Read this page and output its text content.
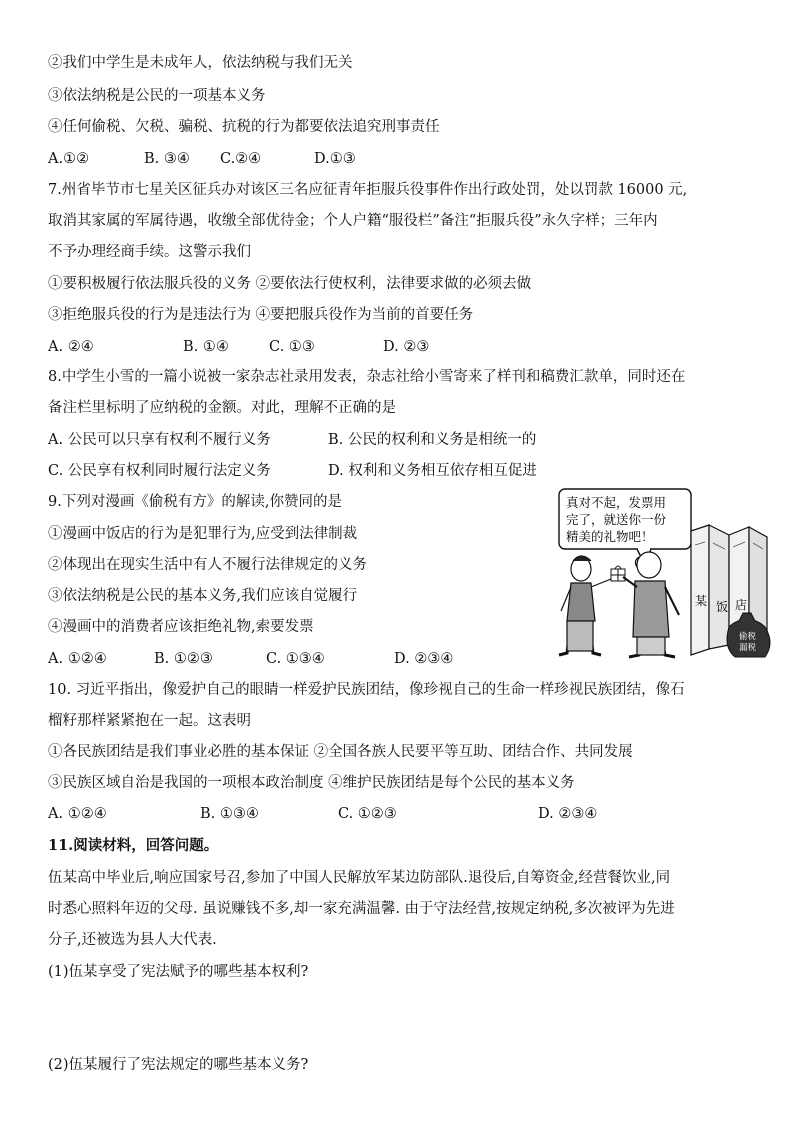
②我们中学生是未成年人，依法纳税与我们无关
③依法纳税是公民的一项基本义务
④任何偷税、欠税、骗税、抗税的行为都要依法追究刑事责任
A.①②	B. ③④ C.②④	D.①③
7.州省毕节市七星关区征兵办对该区三名应征青年拒服兵役事件作出行政处罚，处以罚款 16000 元,
取消其家属的军属待遇，收缴全部优待金；个人户籍“服役栏”备注“拒服兵役”永久字样；三年内
不予办理经商手续。这警示我们
①要积极履行依法服兵役的义务 ②要依法行使权利，法律要求做的必须去做
③拒绝服兵役的行为是违法行为 ④要把服兵役作为当前的首要任务
A. ②④	B. ①④	C. ①③	D. ②③
8.中学生小雪的一篇小说被一家杂志社录用发表，杂志社给小雪寄来了样刊和稿费汇款单，同时还在
备注栏里标明了应纳税的金额。对此，理解不正确的是
A. 公民可以只享有权利不履行义务	B. 公民的权利和义务是相统一的
C. 公民享有权利同时履行法定义务	D. 权利和义务相互依存相互促进
9.下列对漫画《偷税有方》的解读,你赞同的是
①漫画中饭店的行为是犯罪行为,应受到法律制裁
②体现出在现实生活中有人不履行法律规定的义务
③依法纳税是公民的基本义务,我们应该自觉履行
④漫画中的消费者应该拒绝礼物,索要发票
A. ①②④	B. ①②③	C. ①③④	D. ②③④
真对不起，发票用
完了，就送你一份
精美的礼物吧！
某 饭 店
偷税
漏税
10. 习近平指出，像爱护自己的眼睛一样爱护民族团结，像珍视自己的生命一样珍视民族团结，像石
榴籽那样紧紧抱在一起。这表明
①各民族团结是我们事业必胜的基本保证 ②全国各族人民要平等互助、团结合作、共同发展
③民族区域自治是我国的一项根本政治制度 ④维护民族团结是每个公民的基本义务
A. ①②④	B. ①③④	C. ①②③	D. ②③④
11.阅读材料，回答问题。
伍某高中毕业后,响应国家号召,参加了中国人民解放军某边防部队.退役后,自筹资金,经营餐饮业,同
时悉心照料年迈的父母. 虽说赚钱不多,却一家充满温馨. 由于守法经营,按规定纳税,多次被评为先进
分子,还被选为县人大代表.
(1)伍某享受了宪法赋予的哪些基本权利?
(2)伍某履行了宪法规定的哪些基本义务?
